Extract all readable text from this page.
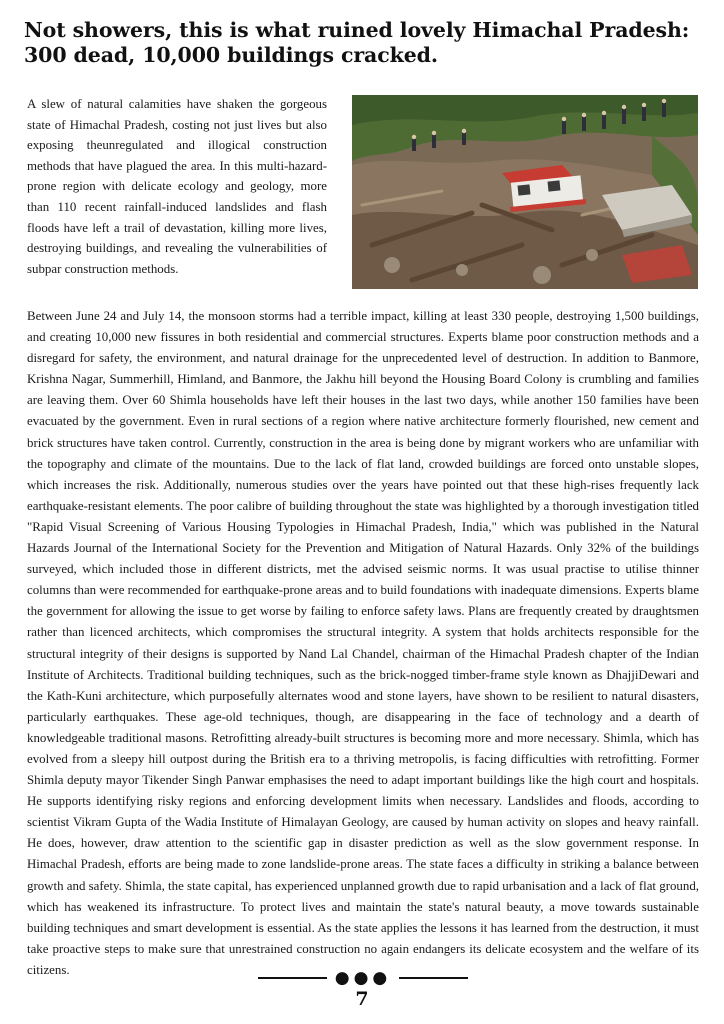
Not showers, this is what ruined lovely Himachal Pradesh:
300 dead, 10,000 buildings cracked.

A slew of natural calamities have shaken the gorgeous state of Himachal Pradesh, costing not just lives but also exposing theunregulated and illogical construction methods that have plagued the area. In this multi-hazard-prone region with delicate ecology and geology, more than 110 recent rainfall-induced landslides and flash floods have left a trail of devastation, killing more lives, destroying buildings, and revealing the vulnerabilities of subpar construction methods.

Between June 24 and July 14, the monsoon storms had a terrible impact, killing at least 330 people, destroying 1,500 buildings, and creating 10,000 new fissures in both residential and commercial structures. Experts blame poor construction methods and a disregard for safety, the environment, and natural drainage for the unprecedented level of destruction. In addition to Banmore, Krishna Nagar, Summerhill, Himland, and Banmore, the Jakhu hill beyond the Housing Board Colony is crumbling and families are leaving them. Over 60 Shimla households have left their houses in the last two days, while another 150 families have been evacuated by the government. Even in rural sections of a region where native architecture formerly flourished, new cement and brick structures have taken control. Currently, construction in the area is being done by migrant workers who are unfamiliar with the topography and climate of the mountains. Due to the lack of flat land, crowded buildings are forced onto unstable slopes, which increases the risk. Additionally, numerous studies over the years have pointed out that these high-rises frequently lack earthquake-resistant elements. The poor calibre of building throughout the state was highlighted by a thorough investigation titled "Rapid Visual Screening of Various Housing Typologies in Himachal Pradesh, India," which was published in the Natural Hazards Journal of the International Society for the Prevention and Mitigation of Natural Hazards. Only 32% of the buildings surveyed, which included those in different districts, met the advised seismic norms. It was usual practise to utilise thinner columns than were recommended for earthquake-prone areas and to build foundations with inadequate dimensions. Experts blame the government for allowing the issue to get worse by failing to enforce safety laws. Plans are frequently created by draughtsmen rather than licenced architects, which compromises the structural integrity. A system that holds architects responsible for the structural integrity of their designs is supported by Nand Lal Chandel, chairman of the Himachal Pradesh chapter of the Indian Institute of Architects. Traditional building techniques, such as the brick-nogged timber-frame style known as DhajjiDewari and the Kath-Kuni architecture, which purposefully alternates wood and stone layers, have shown to be resilient to natural disasters, particularly earthquakes. These age-old techniques, though, are disappearing in the face of technology and a dearth of knowledgeable traditional masons. Retrofitting already-built structures is becoming more and more necessary. Shimla, which has evolved from a sleepy hill outpost during the British era to a thriving metropolis, is facing difficulties with retrofitting. Former Shimla deputy mayor Tikender Singh Panwar emphasises the need to adapt important buildings like the high court and hospitals. He supports identifying risky regions and enforcing development limits when necessary. Landslides and floods, according to scientist Vikram Gupta of the Wadia Institute of Himalayan Geology, are caused by human activity on slopes and heavy rainfall. He does, however, draw attention to the scientific gap in disaster prediction as well as the slow government response. In Himachal Pradesh, efforts are being made to zone landslide-prone areas. The state faces a difficulty in striking a balance between growth and safety. Shimla, the state capital, has experienced unplanned growth due to rapid urbanisation and a lack of flat ground, which has weakened its infrastructure. To protect lives and maintain the state's natural beauty, a move towards sustainable building techniques and smart development is essential. As the state applies the lessons it has learned from the destruction, it must take proactive steps to make sure that unrestrained construction no again endangers its delicate ecosystem and the welfare of its citizens.	●●●
7
